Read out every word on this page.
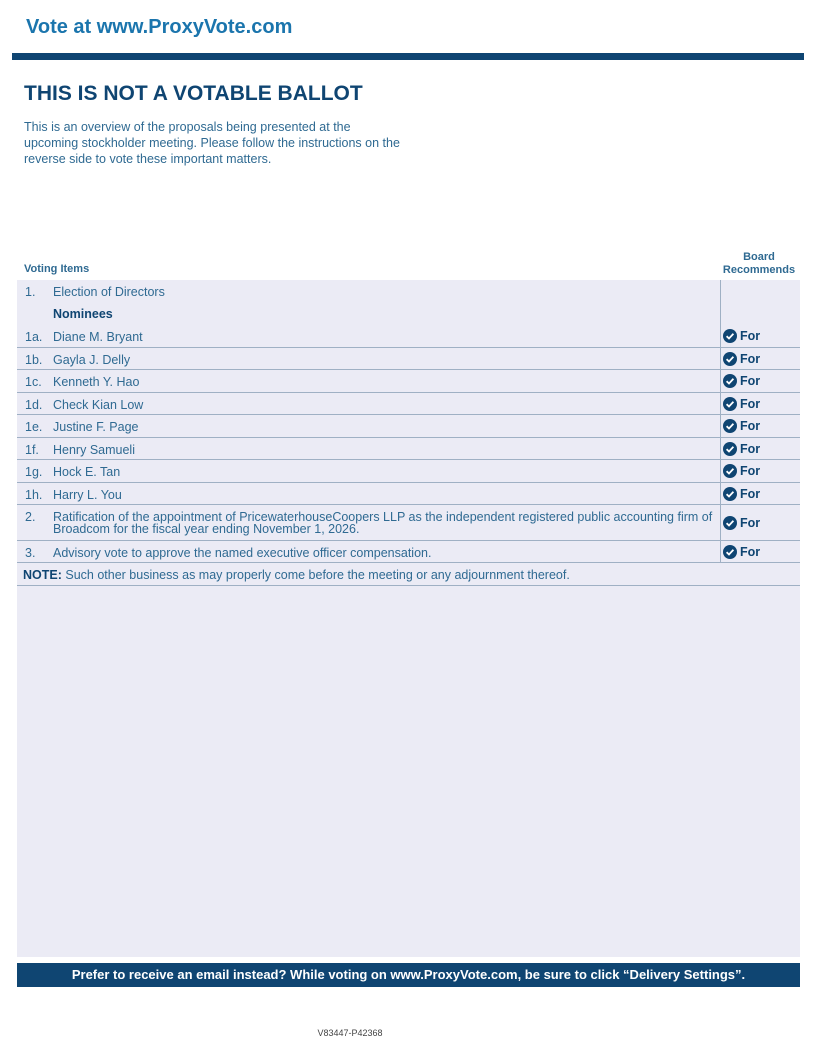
Vote at www.ProxyVote.com
THIS IS NOT A VOTABLE BALLOT
This is an overview of the proposals being presented at the upcoming stockholder meeting. Please follow the instructions on the reverse side to vote these important matters.
Voting Items
Board
Recommends
1. Election of Directors
Nominees
1a. Diane M. Bryant	For
1b. Gayla J. Delly	For
1c. Kenneth Y. Hao	For
1d. Check Kian Low	For
1e. Justine F. Page	For
1f. Henry Samueli	For
1g. Hock E. Tan	For
1h. Harry L. You	For
2. Ratification of the appointment of PricewaterhouseCoopers LLP as the independent registered public accounting firm of Broadcom for the fiscal year ending November 1, 2026.	For
3. Advisory vote to approve the named executive officer compensation.	For
NOTE: Such other business as may properly come before the meeting or any adjournment thereof.
Prefer to receive an email instead? While voting on www.ProxyVote.com, be sure to click “Delivery Settings”.
V83447-P42368
